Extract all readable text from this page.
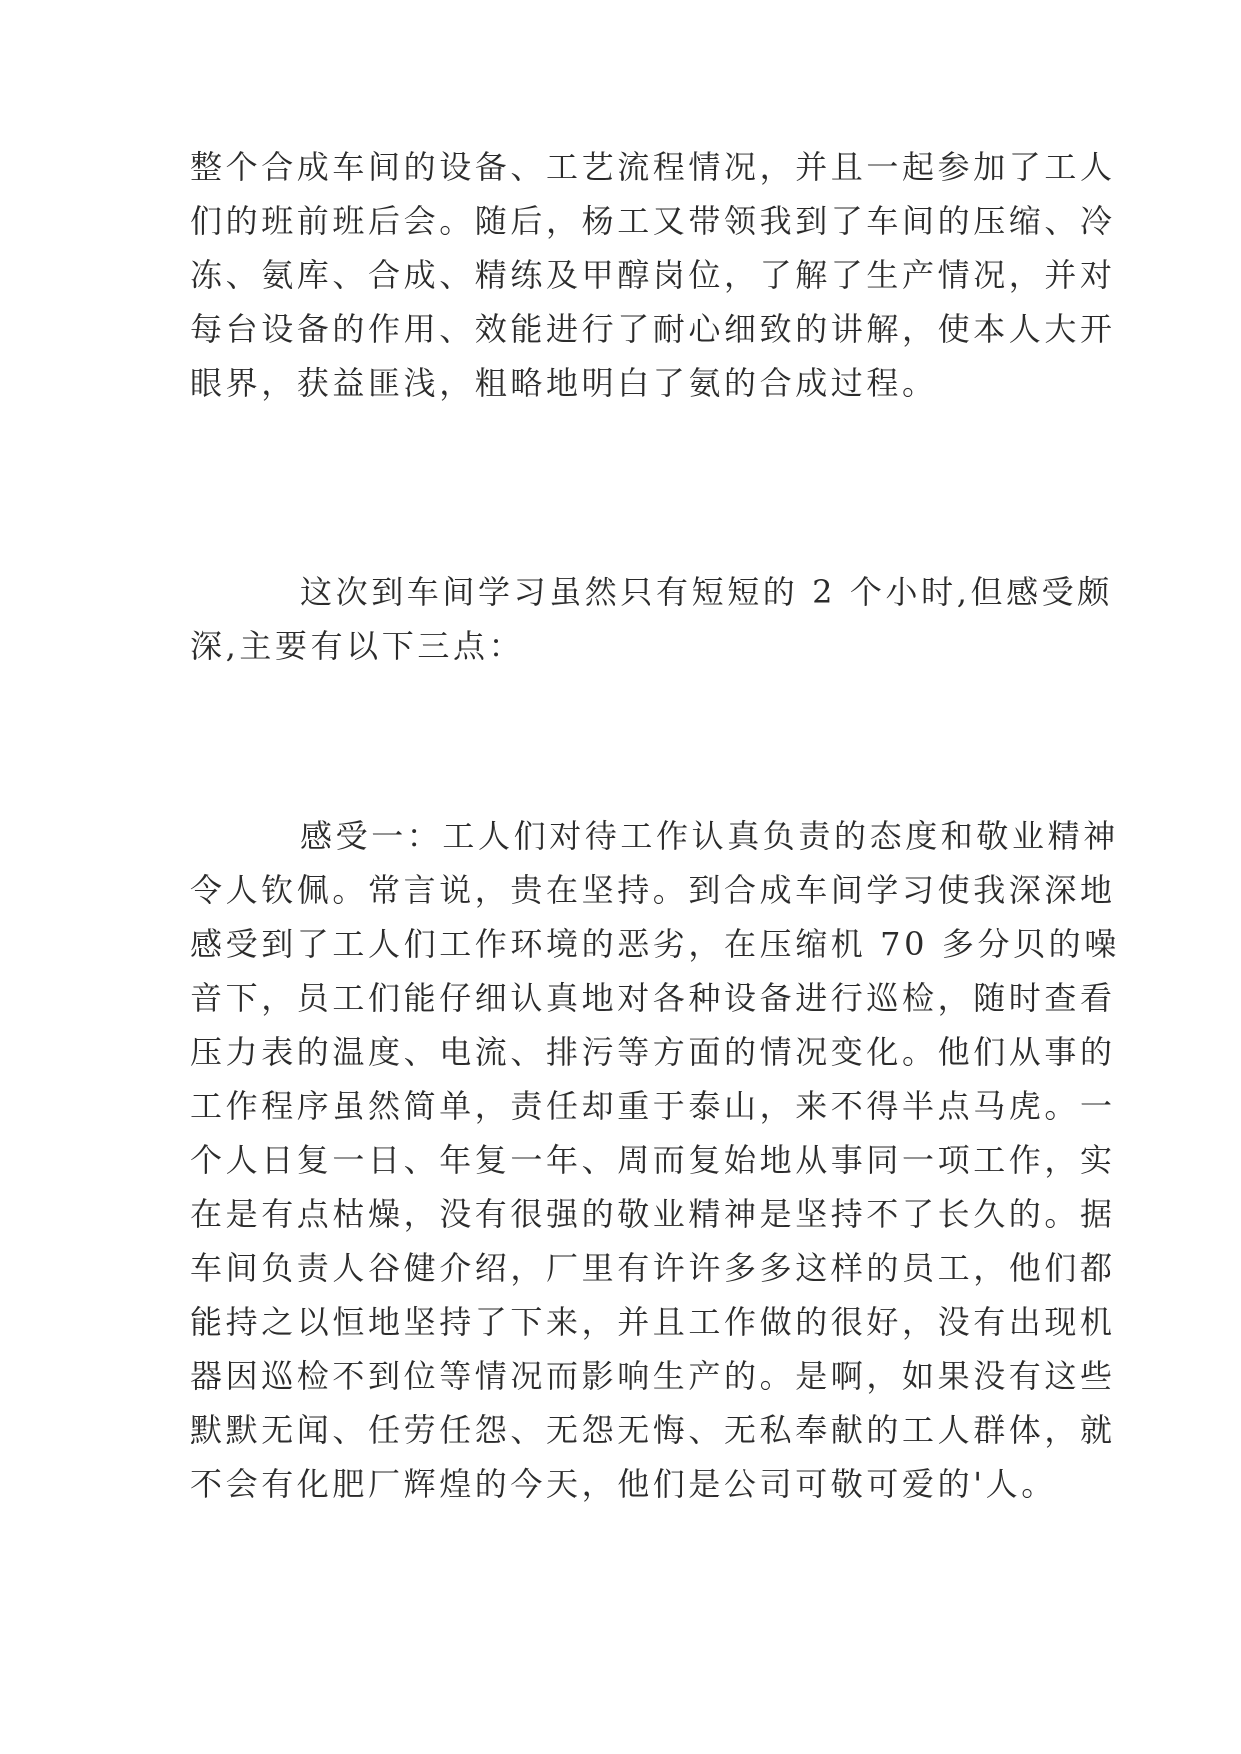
整个合成车间的设备、工艺流程情况，并且一起参加了工人
们的班前班后会。随后，杨工又带领我到了车间的压缩、冷
冻、氨库、合成、精练及甲醇岗位，了解了生产情况，并对
每台设备的作用、效能进行了耐心细致的讲解，使本人大开
眼界，获益匪浅，粗略地明白了氨的合成过程。
这次到车间学习虽然只有短短的 2 个小时,但感受颇
深,主要有以下三点：
感受一：工人们对待工作认真负责的态度和敬业精神
令人钦佩。常言说，贵在坚持。到合成车间学习使我深深地
感受到了工人们工作环境的恶劣，在压缩机 70 多分贝的噪
音下，员工们能仔细认真地对各种设备进行巡检，随时查看
压力表的温度、电流、排污等方面的情况变化。他们从事的
工作程序虽然简单，责任却重于泰山，来不得半点马虎。一
个人日复一日、年复一年、周而复始地从事同一项工作，实
在是有点枯燥，没有很强的敬业精神是坚持不了长久的。据
车间负责人谷健介绍，厂里有许许多多这样的员工，他们都
能持之以恒地坚持了下来，并且工作做的很好，没有出现机
器因巡检不到位等情况而影响生产的。是啊，如果没有这些
默默无闻、任劳任怨、无怨无悔、无私奉献的工人群体，就
不会有化肥厂辉煌的今天，他们是公司可敬可爱的'人。
